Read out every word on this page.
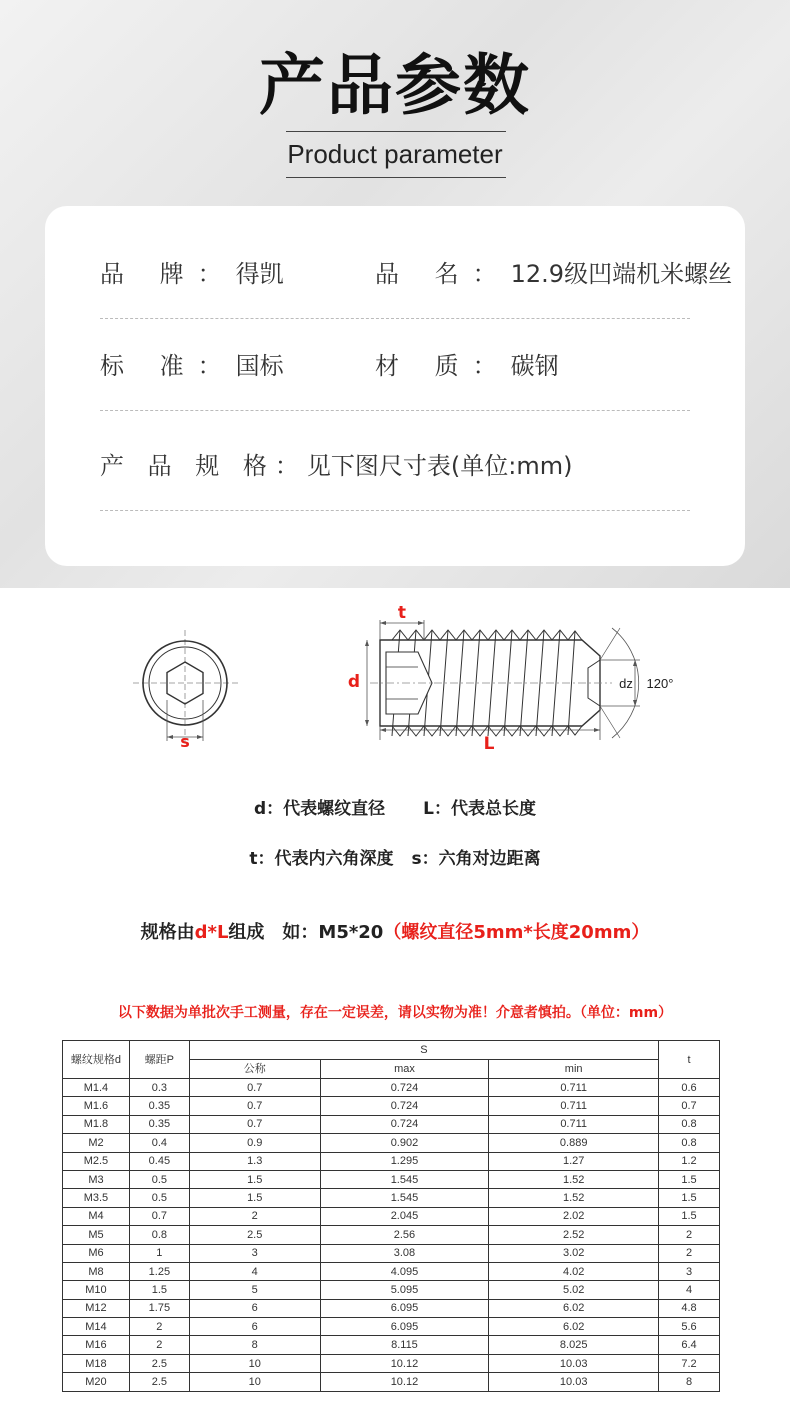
产品参数
Product parameter
品 牌：得凯	品 名：12.9级凹端机米螺丝
标 准：国标	材 质：碳钢
产 品 规 格：见下图尺寸表(单位:mm)
s
t
d
L
dz 120°
d：代表螺纹直径 L：代表总长度
t：代表内六角深度 s：六角对边距离
规格由d*L组成　如：M5*20（螺纹直径5mm*长度20mm）
以下数据为单批次手工测量，存在一定误差，请以实物为准！介意者慎拍。（单位：mm）
螺纹规格d	螺距P	S			t
		公称	max	min	
M1.4	0.3	0.7	0.724	0.711	0.6
M1.6	0.35	0.7	0.724	0.711	0.7
M1.8	0.35	0.7	0.724	0.711	0.8
M2	0.4	0.9	0.902	0.889	0.8
M2.5	0.45	1.3	1.295	1.27	1.2
M3	0.5	1.5	1.545	1.52	1.5
M3.5	0.5	1.5	1.545	1.52	1.5
M4	0.7	2	2.045	2.02	1.5
M5	0.8	2.5	2.56	2.52	2
M6	1	3	3.08	3.02	2
M8	1.25	4	4.095	4.02	3
M10	1.5	5	5.095	5.02	4
M12	1.75	6	6.095	6.02	4.8
M14	2	6	6.095	6.02	5.6
M16	2	8	8.115	8.025	6.4
M18	2.5	10	10.12	10.03	7.2
M20	2.5	10	10.12	10.03	8
